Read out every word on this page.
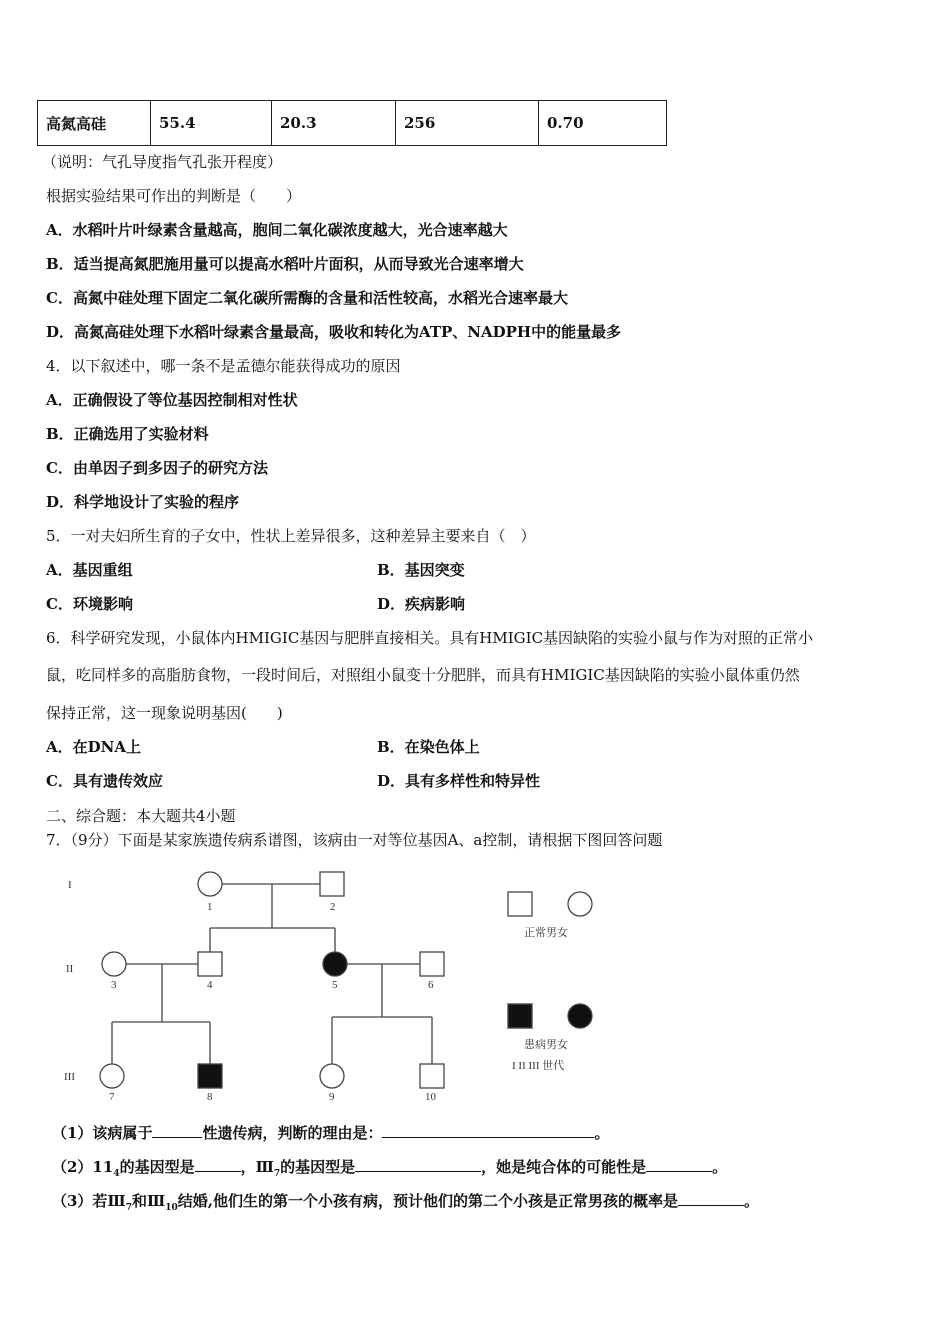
高氮高硅	55.4	20.3	256	0.70
（说明：气孔导度指气孔张开程度）
根据实验结果可作出的判断是（　　）
A．水稻叶片叶绿素含量越高，胞间二氧化碳浓度越大，光合速率越大
B．适当提高氮肥施用量可以提高水稻叶片面积，从而导致光合速率增大
C．高氮中硅处理下固定二氧化碳所需酶的含量和活性较高，水稻光合速率最大
D．高氮高硅处理下水稻叶绿素含量最高，吸收和转化为ATP、NADPH中的能量最多
4．以下叙述中，哪一条不是孟德尔能获得成功的原因
A．正确假设了等位基因控制相对性状
B．正确选用了实验材料
C．由单因子到多因子的研究方法
D．科学地设计了实验的程序
5．一对夫妇所生育的子女中，性状上差异很多，这种差异主要来自（　）
A．基因重组	B．基因突变
C．环境影响	D．疾病影响
6．科学研究发现，小鼠体内HMIGIC基因与肥胖直接相关。具有HMIGIC基因缺陷的实验小鼠与作为对照的正常小
鼠，吃同样多的高脂肪食物，一段时间后，对照组小鼠变十分肥胖，而具有HMIGIC基因缺陷的实验小鼠体重仍然
保持正常，这一现象说明基因(　　)
A．在DNA上	B．在染色体上
C．具有遗传效应	D．具有多样性和特异性
二、综合题：本大题共4小题
7．（9分）下面是某家族遗传病系谱图，该病由一对等位基因A、a控制，请根据下图回答问题
I
II
III
1	2
3	4	5	6
7	8	9	10
正常男女
患病男女
I II III 世代
（1）该病属于	性遗传病，判断的理由是：	。
$(2)11_4$的基因型是	，$Ⅲ_7$的基因型是	，她是纯合体的可能性是	。
（3）若$Ⅲ_7$和$Ⅲ_{10}$结婚,他们生的第一个小孩有病，预计他们的第二个小孩是正常男孩的概率是	。
